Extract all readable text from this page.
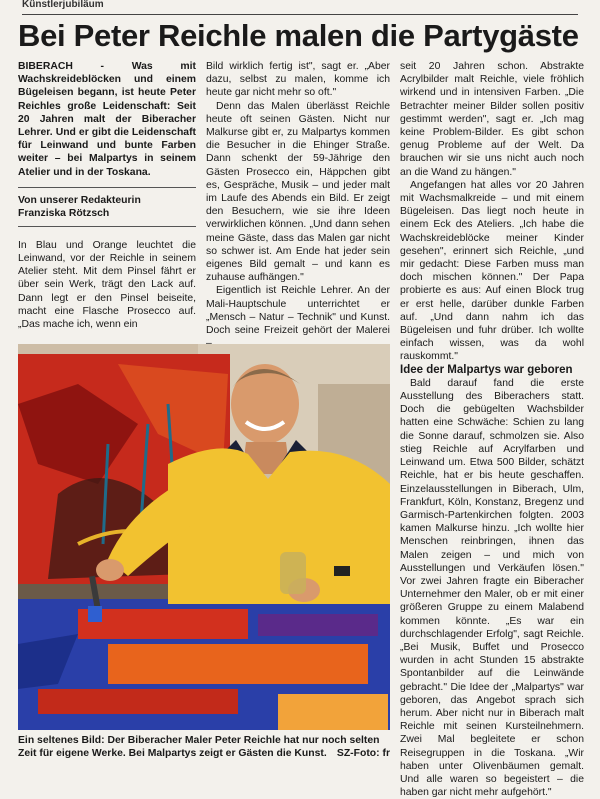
Künstlerjubiläum
Bei Peter Reichle malen die Partygäste

BIBERACH - Was mit Wachskreideblöcken und einem Bügeleisen begann, ist heute Peter Reichles große Leidenschaft: Seit 20 Jahren malt der Biberacher Lehrer. Und er gibt die Leidenschaft für Leinwand und bunte Farben weiter – bei Malpartys in seinem Atelier und in der Toskana.

Von unserer Redakteurin
Franziska Rötzsch

In Blau und Orange leuchtet die Leinwand, vor der Reichle in seinem Atelier steht. Mit dem Pinsel fährt er über sein Werk, trägt den Lack auf. Dann legt er den Pinsel beiseite, macht eine Flasche Prosecco auf. „Das mache ich, wenn ein

Bild wirklich fertig ist", sagt er. „Aber dazu, selbst zu malen, komme ich heute gar nicht mehr so oft."

Denn das Malen überlässt Reichle heute oft seinen Gästen. Nicht nur Malkurse gibt er, zu Malpartys kommen die Besucher in die Ehinger Straße. Dann schenkt der 59-Jährige den Gästen Prosecco ein, Häppchen gibt es, Gespräche, Musik – und jeder malt im Laufe des Abends ein Bild. Er zeigt den Besuchern, wie sie ihre Ideen verwirklichen können. „Und dann sehen meine Gäste, dass das Malen gar nicht so schwer ist. Am Ende hat jeder sein eigenes Bild gemalt – und kann es zuhause aufhängen."

Eigentlich ist Reichle Lehrer. An der Mali-Hauptschule unterrichtet er „Mensch – Natur – Technik" und Kunst. Doch seine Freizeit gehört der Malerei

seit 20 Jahren schon. Abstrakte Acrylbilder malt Reichle, viele fröhlich wirkend und in intensiven Farben. „Die Betrachter meiner Bilder sollen positiv gestimmt werden", sagt er. „Ich mag keine Problem-Bilder. Es gibt schon genug Probleme auf der Welt. Da brauchen wir sie uns nicht auch noch an die Wand zu hängen."

Angefangen hat alles vor 20 Jahren mit Wachsmalkreide – und mit einem Bügeleisen. Das liegt noch heute in einem Eck des Ateliers. „Ich habe die Wachskreideblöcke meiner Kinder gesehen", erinnert sich Reichle, „und mir gedacht: Diese Farben muss man doch mischen können." Der Papa probierte es aus: Auf einen Block trug er erst helle, darüber dunkle Farben auf. „Und dann nahm ich das Bügeleisen und fuhr drüber. Ich wollte einfach wissen, was da wohl rauskommt."

Idee der Malpartys war geboren

Bald darauf fand die erste Ausstellung des Biberachers statt. Doch die gebügelten Wachsbilder hatten eine Schwäche: Schien zu lang die Sonne darauf, schmolzen sie. Also stieg Reichle auf Acrylfarben und Leinwand um. Etwa 500 Bilder, schätzt Reichle, hat er bis heute geschaffen. Einzelausstellungen in Biberach, Ulm, Frankfurt, Köln, Konstanz, Bregenz und Garmisch-Partenkirchen folgten. 2003 kamen Malkurse hinzu. „Ich wollte hier Menschen reinbringen, ihnen das Malen zeigen – und mich von Ausstellungen und Verkäufen lösen." Vor zwei Jahren fragte ein Biberacher Unternehmer den Maler, ob er mit einer größeren Gruppe zu einem Malabend kommen könnte. „Es war ein durchschlagender Erfolg", sagt Reichle. „Bei Musik, Buffet und Prosecco wurden in acht Stunden 15 abstrakte Spontanbilder auf die Leinwände gebracht." Die Idee der „Malpartys" war geboren, das Angebot sprach sich herum. Aber nicht nur in Biberach malt Reichle mit seinen Kursteilnehmern. Zwei Mal begleitete er schon Reisegruppen in die Toskana. „Wir haben unter Olivenbäumen gemalt. Und alle waren so begeistert – die haben gar nicht mehr aufgehört."

Ein seltenes Bild: Der Biberacher Maler Peter Reichle hat nur noch selten Zeit für eigene Werke. Bei Malpartys zeigt er Gästen die Kunst. SZ-Foto: fr
